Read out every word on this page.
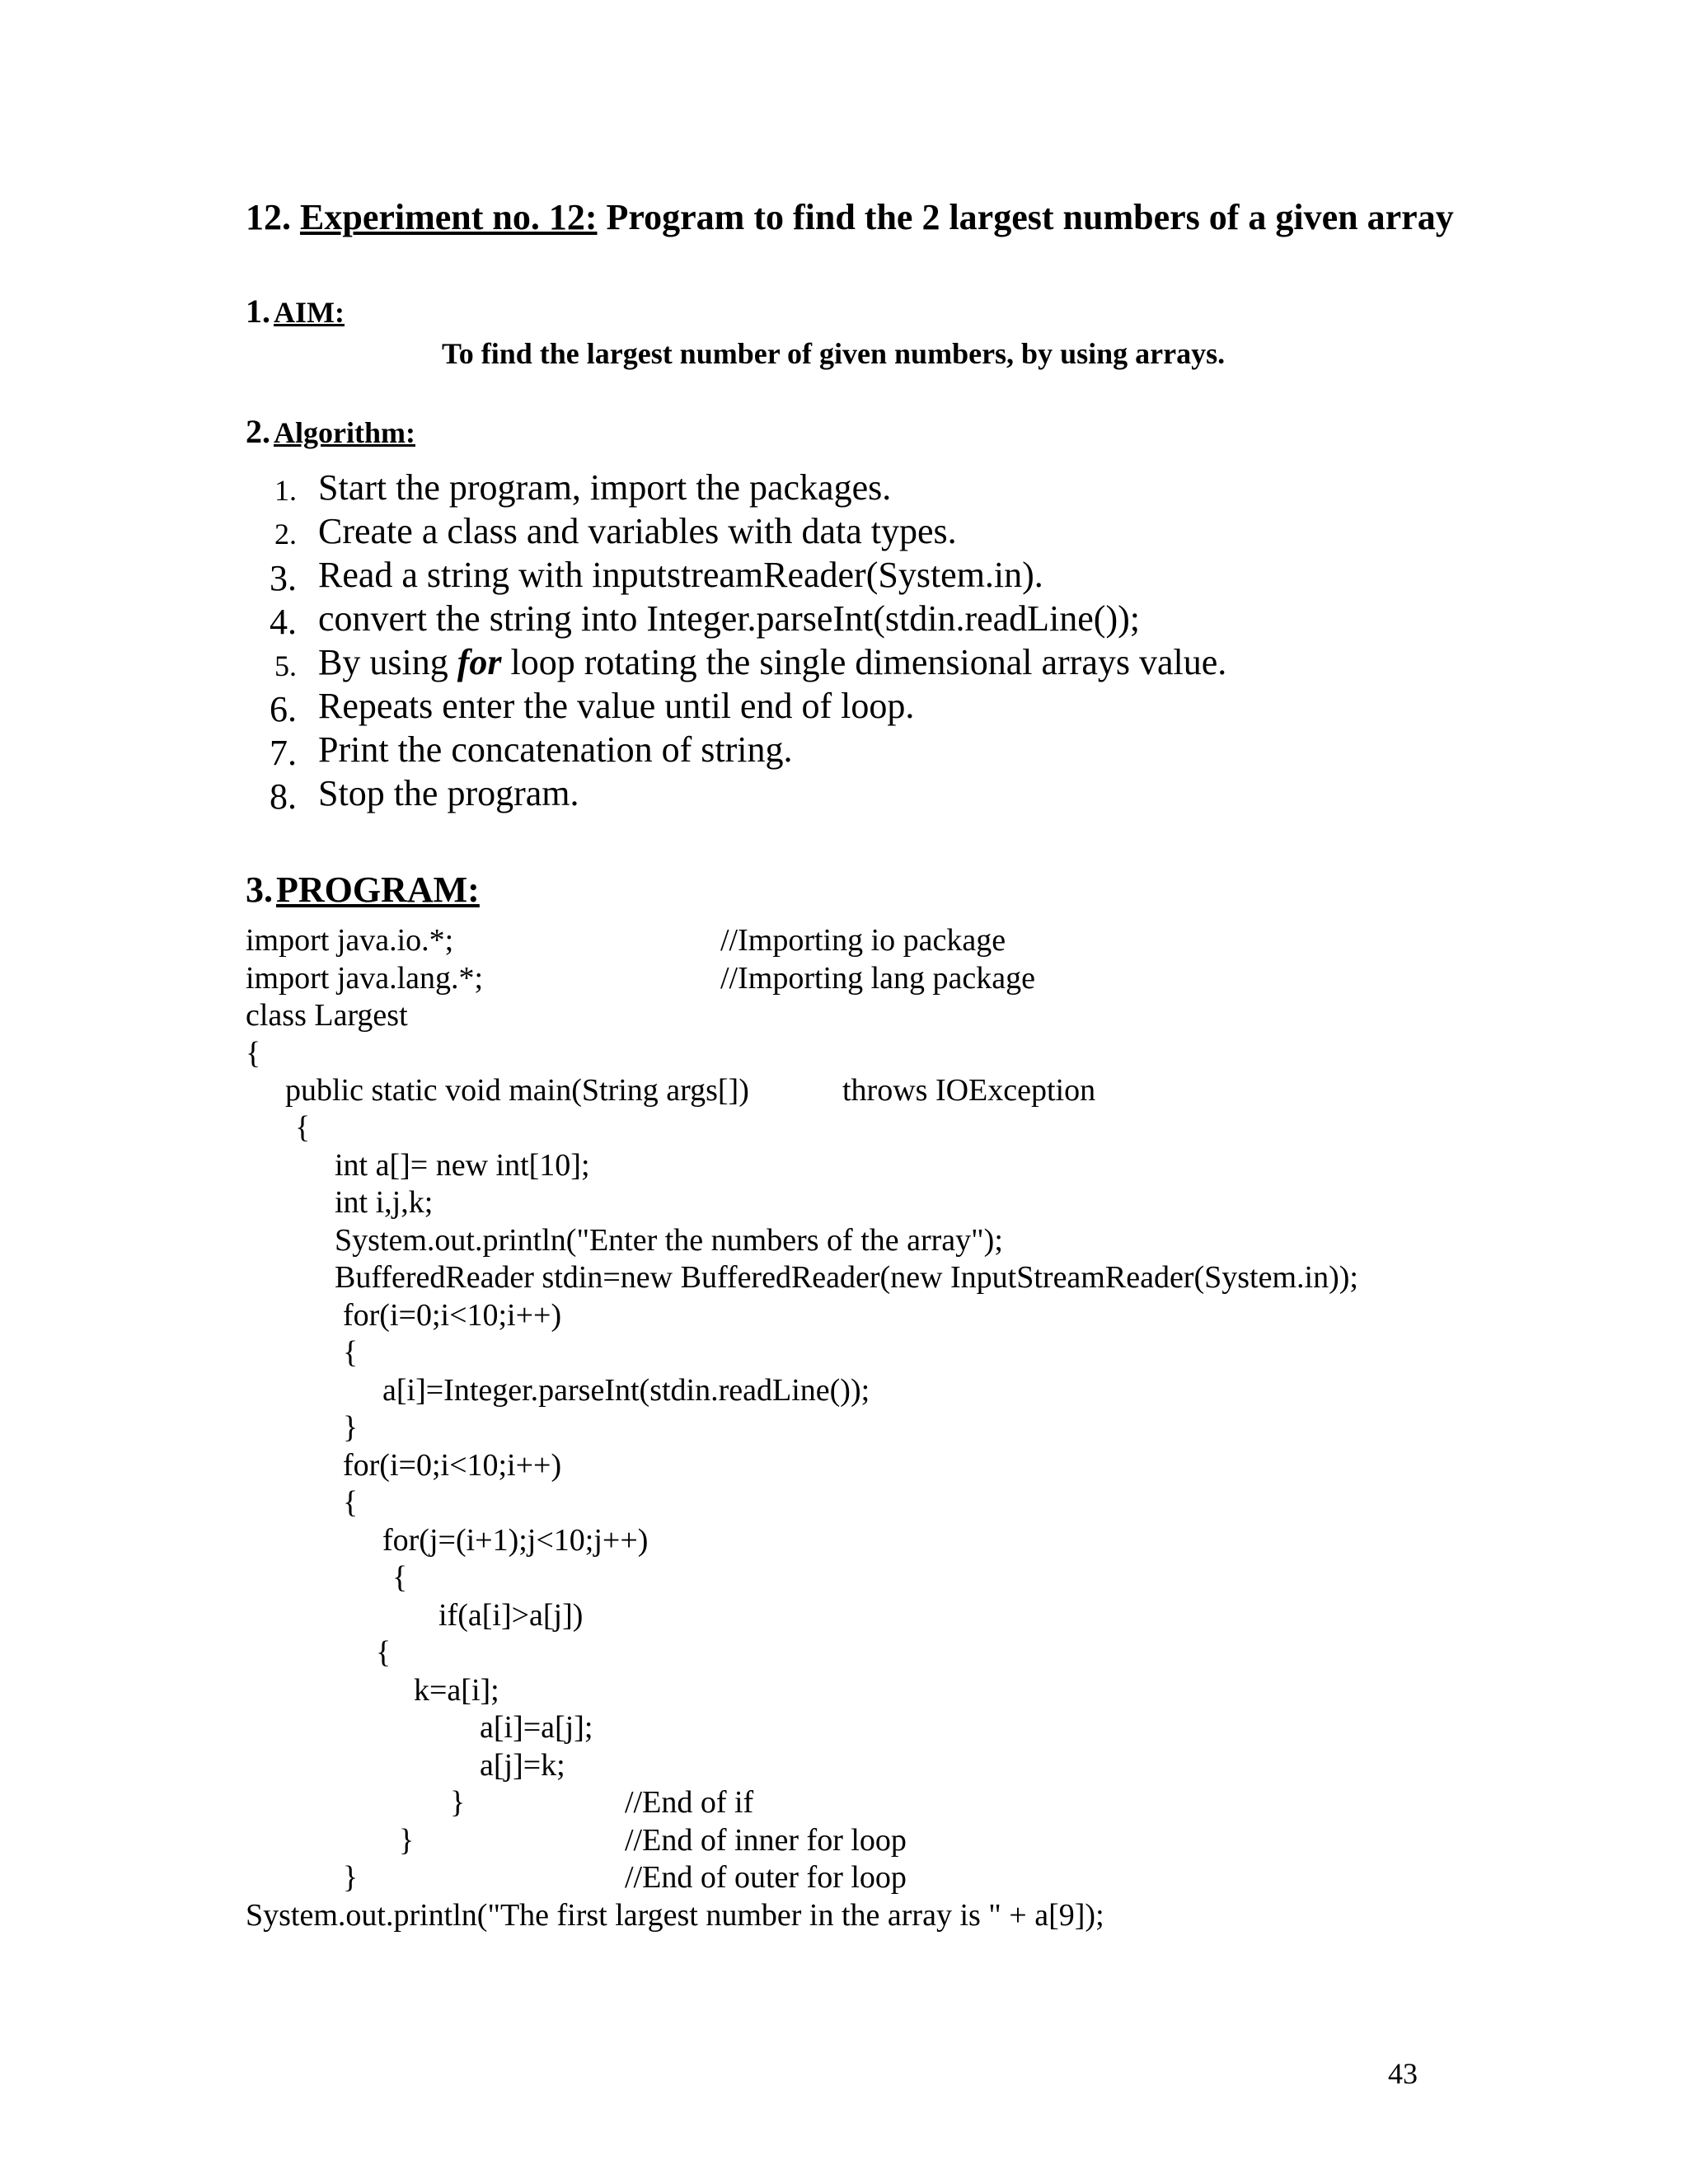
12. Experiment no. 12: Program to find the 2 largest numbers of a given array
1. AIM:
To find the largest number of given numbers, by using arrays.
2. Algorithm:
1. Start the program, import the packages.
2. Create a class and variables with data types.
3. Read a string with inputstreamReader(System.in).
4. convert the string into Integer.parseInt(stdin.readLine());
5. By using for loop rotating the single dimensional arrays value.
6. Repeats enter the value until end of loop.
7. Print the concatenation of string.
8. Stop the program.
3. PROGRAM:
import java.io.*;	//Importing io package
import java.lang.*;	//Importing lang package
class Largest
{
public static void main(String args[])	throws IOException
{
int a[]= new int[10];
int i,j,k;
System.out.println("Enter the numbers of the array");
BufferedReader stdin=new BufferedReader(new InputStreamReader(System.in));
for(i=0;i<10;i++)
{
a[i]=Integer.parseInt(stdin.readLine());
}
for(i=0;i<10;i++)
{
for(j=(i+1);j<10;j++)
{
if(a[i]>a[j])
{
k=a[i];
a[i]=a[j];
a[j]=k;
}	//End of if
}	//End of inner for loop
}	//End of outer for loop
System.out.println("The first largest number in the array is " + a[9]);
43
